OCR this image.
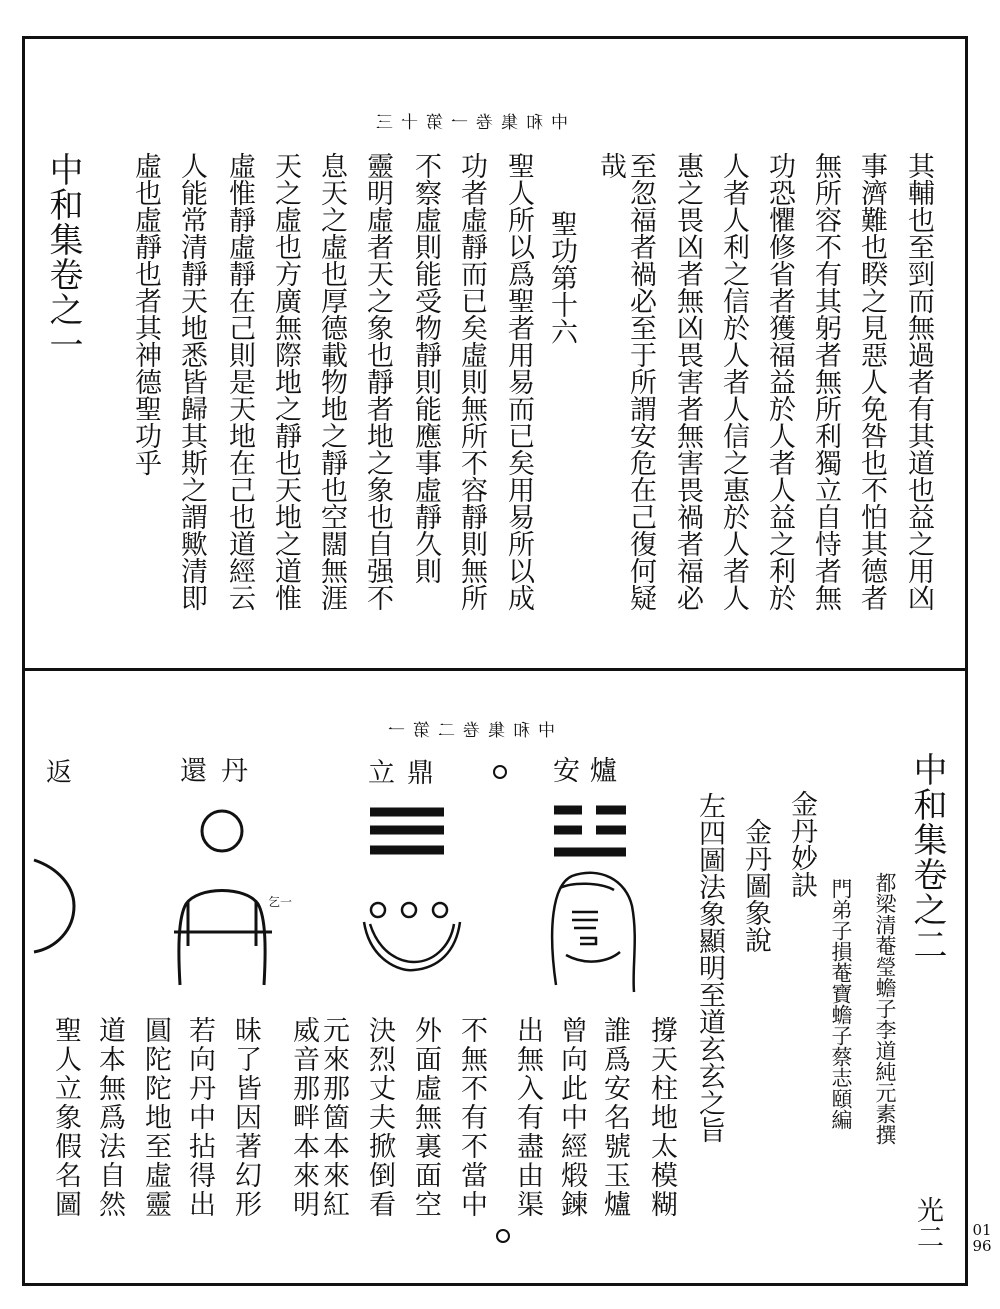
中和集卷一第十三
其輔也至剄而無過者有其道也益之用凶
事濟難也睽之見惡人免咎也不怕其德者
無所容不有其躬者無所利獨立自恃者無
功恐懼修省者獲福益於人者人益之利於
人者人利之信於人者人信之惠於人者人
惠之畏凶者無凶畏害者無害畏禍者福必
至忽福者禍必至于所謂安危在己復何疑
哉
聖功第十六
聖人所以爲聖者用易而已矣用易所以成
功者虛靜而已矣虛則無所不容靜則無所
不察虛則能受物靜則能應事虛靜久則
靈明虛者天之象也靜者地之象也自强不
息天之虛也厚德載物地之靜也空闊無涯
天之虛也方廣無際地之靜也天地之道惟
虛惟靜虛靜在己則是天地在己也道經云
人能常清靜天地悉皆歸其斯之謂歟清即
虛也虛靜也者其神德聖功乎
中和集卷之一
中和集卷二第一
中和集卷之二
光二
都梁清菴瑩蟾子李道純元素撰
門弟子損菴寶蟾子蔡志頤編
金丹妙訣
金丹圖象說
左四圖法象顯明至道玄玄之旨
撐天柱地太模糊
誰爲安名號玉爐
曾向此中經煅鍊
出無入有盡由渠
不無不有不當中
外面虛無裏面空
決烈丈夫掀倒看
元來那箇本來紅
威音那畔本來明
昧了皆因著幻形
若向丹中拈得出
圓陀陀地至虛靈
道本無爲法自然
聖人立象假名圖
安爐
立鼎
還丹
返
乞一
0196
